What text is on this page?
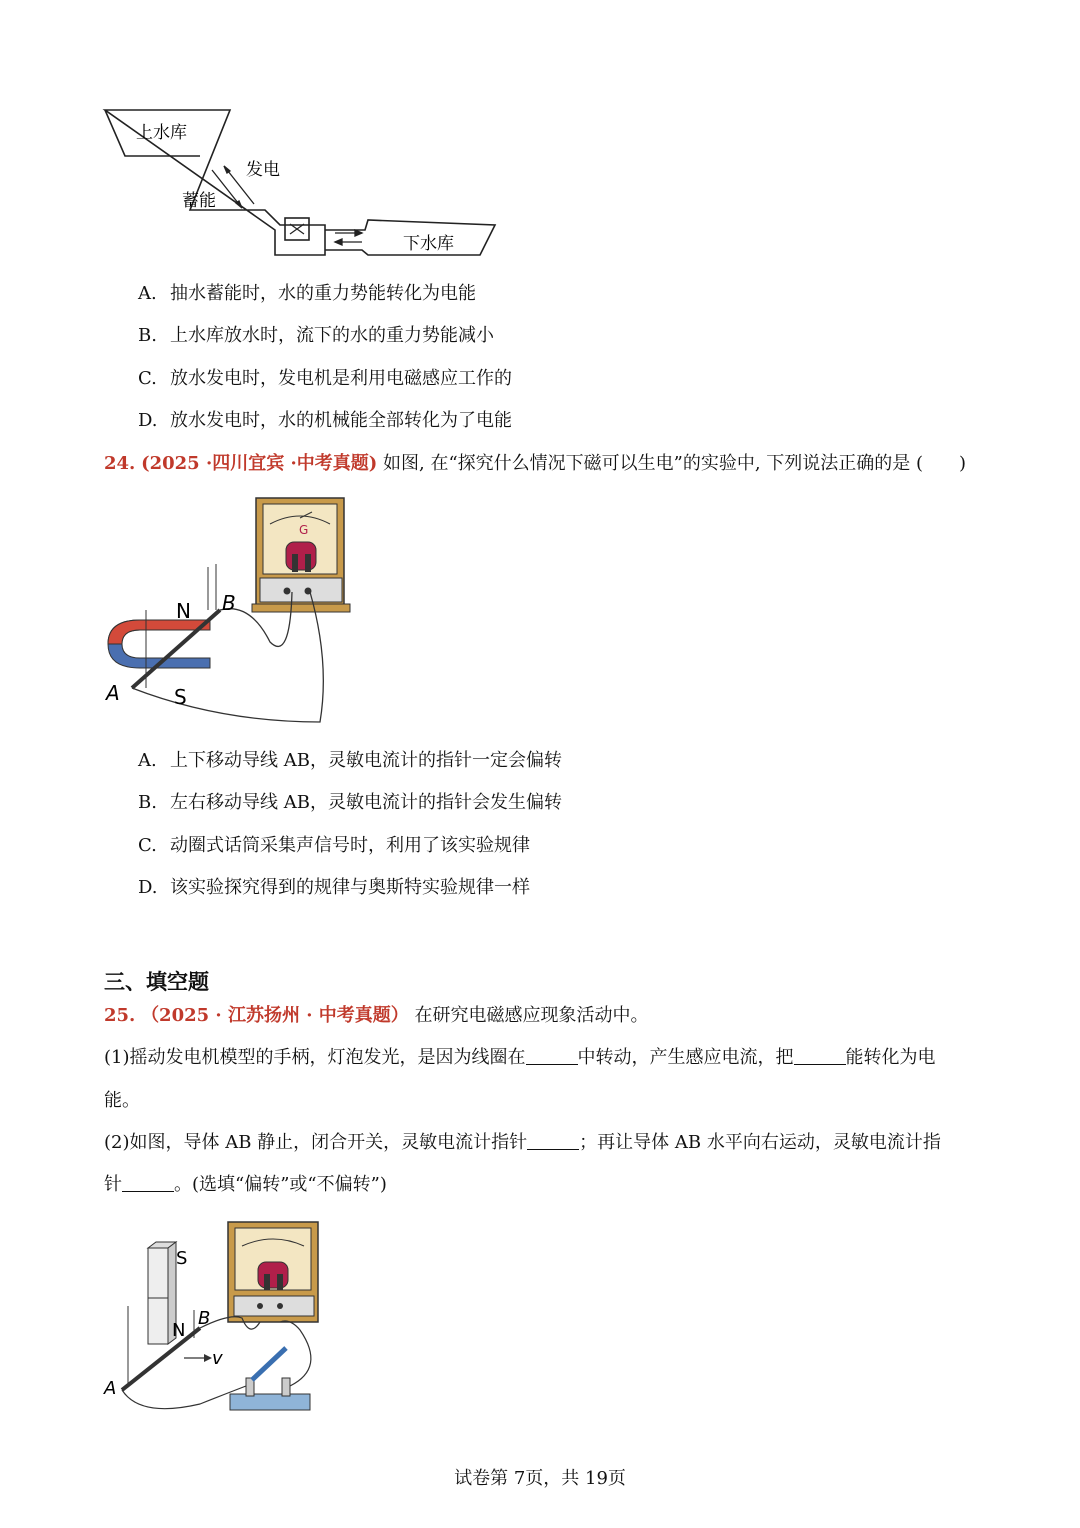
上水库
发电
蓄能
下水库
A. 抽水蓄能时，水的重力势能转化为电能
B. 上水库放水时，流下的水的重力势能减小
C. 放水发电时，发电机是利用电磁感应工作的
D. 放水发电时，水的机械能全部转化为了电能
24. (2025 ·四川宜宾 ·中考真题) 如图, 在“探究什么情况下磁可以生电”的实验中, 下列说法正确的是 (　　)
G
N
S
A
B
A. 上下移动导线 AB，灵敏电流计的指针一定会偏转
B. 左右移动导线 AB，灵敏电流计的指针会发生偏转
C. 动圈式话筒采集声信号时，利用了该实验规律
D. 该实验探究得到的规律与奥斯特实验规律一样
三、填空题
25. （2025 · 江苏扬州 · 中考真题） 在研究电磁感应现象活动中。
(1)摇动发电机模型的手柄，灯泡发光，是因为线圈在	中转动，产生感应电流，把	能转化为电
能。
(2)如图，导体 AB 静止，闭合开关，灵敏电流计指针	；再让导体 AB 水平向右运动，灵敏电流计指
针	。(选填“偏转”或“不偏转”)
S
N
v
A
B
试卷第 7页，共 19页
